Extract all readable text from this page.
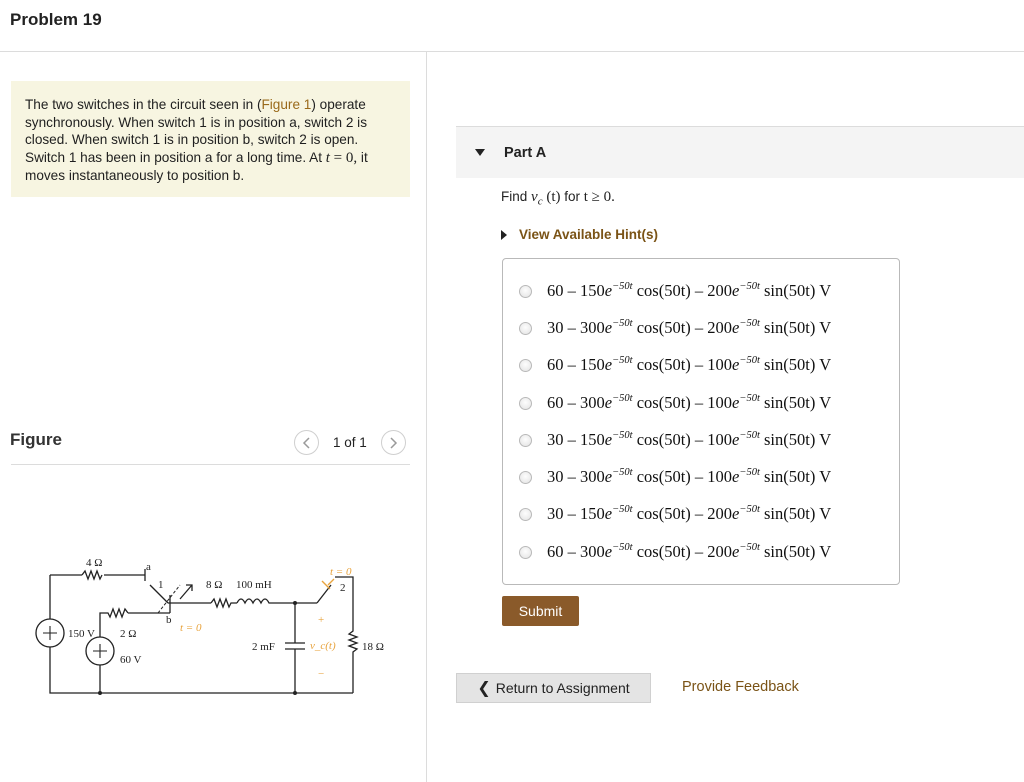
Problem 19
The two switches in the circuit seen in (Figure 1) operate synchronously. When switch 1 is in position a, switch 2 is closed. When switch 1 is in position b, switch 2 is open. Switch 1 has been in position a for a long time. At t = 0, it moves instantaneously to position b.
Figure	1 of 1
4 Ω	a
1
b
t = 0
8 Ω 100 mH
t = 0
2
150 V 2 Ω
60 V
2 mF
+
v_c(t)
−
18 Ω
Part A
Find $v_c$ (t) for t ≥ 0.
View Available Hint(s)
$60 - 150e^{-50t}$ $\cos(50t) - 200e^{-50t}$ sin(50t) V
$30 - 300e^{-50t}$ $\cos(50t) - 200e^{-50t}$ sin(50t) V
$60 - 150e^{-50t}$ $\cos(50t) - 100e^{-50t}$ sin(50t) V
$60 - 300e^{-50t}$ $\cos(50t) - 100e^{-50t}$ sin(50t) V
$30 - 150e^{-50t}$ $\cos(50t) - 100e^{-50t}$ sin(50t) V
$30 - 300e^{-50t}$ $\cos(50t) - 100e^{-50t}$ sin(50t) V
$30 - 150e^{-50t}$ $\cos(50t) - 200e^{-50t}$ sin(50t) V
$60 - 300e^{-50t}$ $\cos(50t) - 200e^{-50t}$ sin(50t) V
Submit
❮ Return to Assignment	Provide Feedback
